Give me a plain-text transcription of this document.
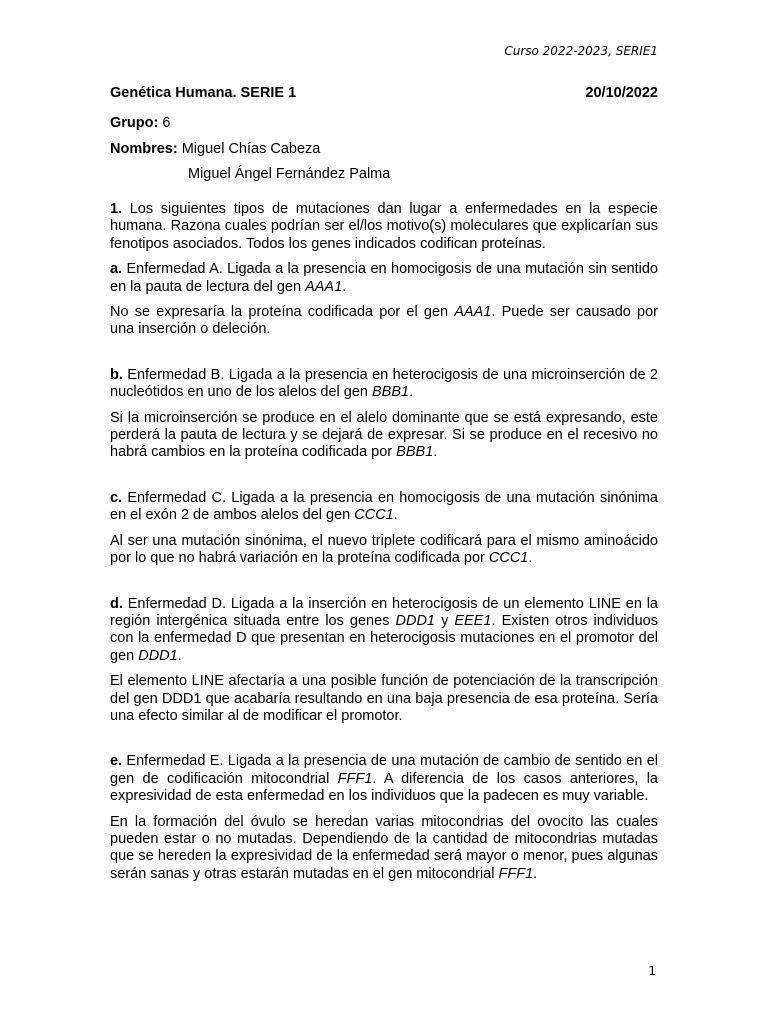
Curso 2022-2023, SERIE1
Genética Humana. SERIE 1	20/10/2022
Grupo: 6
Nombres: Miguel Chías Cabeza
Miguel Ángel Fernández Palma

1. Los siguientes tipos de mutaciones dan lugar a enfermedades en la especie humana. Razona cuales podrían ser el/los motivo(s) moleculares que explicarían sus fenotipos asociados. Todos los genes indicados codifican proteínas.

a. Enfermedad A. Ligada a la presencia en homocigosis de una mutación sin sentido en la pauta de lectura del gen AAA1.

No se expresaría la proteína codificada por el gen AAA1. Puede ser causado por una inserción o deleción.

b. Enfermedad B. Ligada a la presencia en heterocigosis de una microinserción de 2 nucleótidos en uno de los alelos del gen BBB1.

Si la microinserción se produce en el alelo dominante que se está expresando, este perderá la pauta de lectura y se dejará de expresar. Si se produce en el recesivo no habrá cambios en la proteína codificada por BBB1.

c. Enfermedad C. Ligada a la presencia en homocigosis de una mutación sinónima en el exón 2 de ambos alelos del gen CCC1.

Al ser una mutación sinónima, el nuevo triplete codificará para el mismo aminoácido por lo que no habrá variación en la proteína codificada por CCC1.

d. Enfermedad D. Ligada a la inserción en heterocigosis de un elemento LINE en la región intergénica situada entre los genes DDD1 y EEE1. Existen otros individuos con la enfermedad D que presentan en heterocigosis mutaciones en el promotor del gen DDD1.

El elemento LINE afectaría a una posible función de potenciación de la transcripción del gen DDD1 que acabaría resultando en una baja presencia de esa proteína. Sería una efecto similar al de modificar el promotor.

e. Enfermedad E. Ligada a la presencia de una mutación de cambio de sentido en el gen de codificación mitocondrial FFF1. A diferencia de los casos anteriores, la expresividad de esta enfermedad en los individuos que la padecen es muy variable.

En la formación del óvulo se heredan varias mitocondrias del ovocito las cuales pueden estar o no mutadas. Dependiendo de la cantidad de mitocondrias mutadas que se hereden la expresividad de la enfermedad será mayor o menor, pues algunas serán sanas y otras estarán mutadas en el gen mitocondrial FFF1.

1
